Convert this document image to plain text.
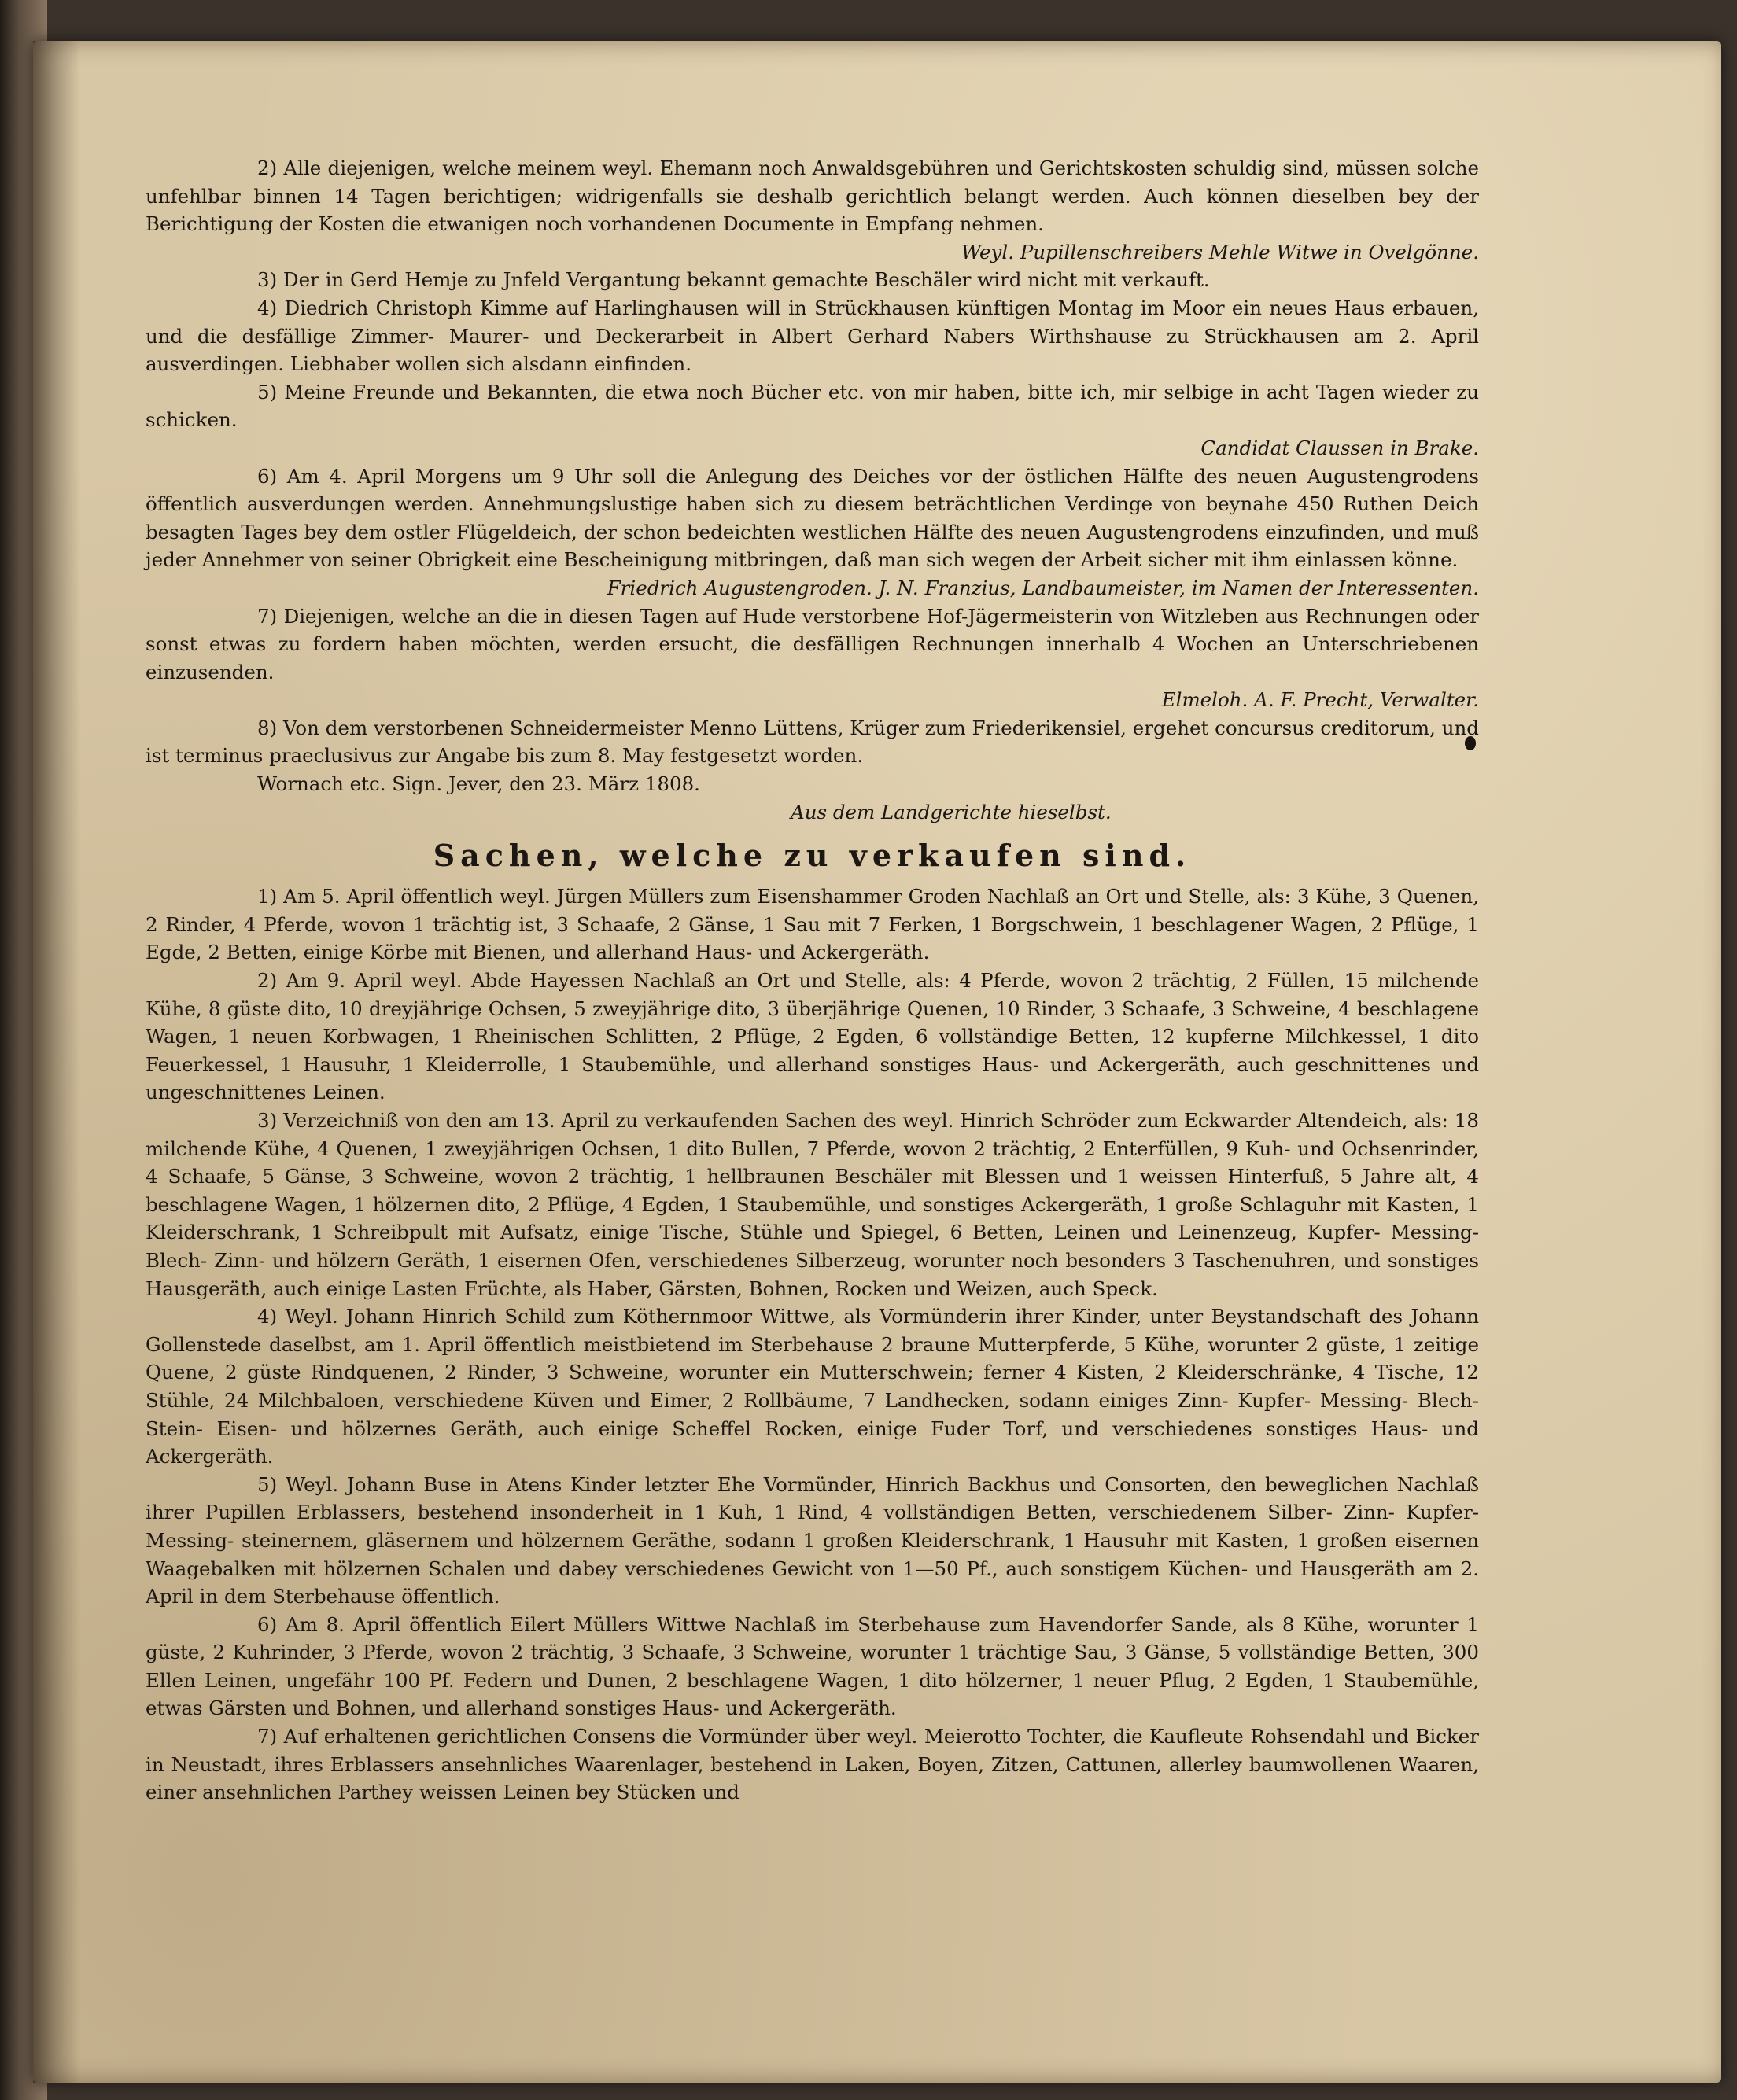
2) Alle diejenigen, welche meinem weyl. Ehemann noch Anwaldsgebühren und Gerichtskosten schuldig sind, müssen solche unfehlbar binnen 14 Tagen berichtigen; widrigenfalls sie deshalb gerichtlich belangt werden. Auch können dieselben bey der Berichtigung der Kosten die etwanigen noch vorhandenen Documente in Empfang nehmen.
Weyl. Pupillenschreibers Mehle Witwe in Ovelgönne.

3) Der in Gerd Hemje zu Jnfeld Vergantung bekannt gemachte Beschäler wird nicht mit verkauft.

4) Diedrich Christoph Kimme auf Harlinghausen will in Strückhausen künftigen Montag im Moor ein neues Haus erbauen, und die desfällige Zimmer- Maurer- und Deckerarbeit in Albert Gerhard Nabers Wirthshause zu Strückhausen am 2. April ausverdingen. Liebhaber wollen sich alsdann einfinden.

5) Meine Freunde und Bekannten, die etwa noch Bücher etc. von mir haben, bitte ich, mir selbige in acht Tagen wieder zu schicken.
Candidat Claussen in Brake.

6) Am 4. April Morgens um 9 Uhr soll die Anlegung des Deiches vor der östlichen Hälfte des neuen Augustengrodens öffentlich ausverdungen werden. Annehmungslustige haben sich zu diesem beträchtlichen Verdinge von beynahe 450 Ruthen Deich besagten Tages bey dem ostler Flügeldeich, der schon bedeichten westlichen Hälfte des neuen Augustengrodens einzufinden, und muß jeder Annehmer von seiner Obrigkeit eine Bescheinigung mitbringen, daß man sich wegen der Arbeit sicher mit ihm einlassen könne.
Friedrich Augustengroden. J. N. Franzius, Landbaumeister, im Namen der Interessenten.

7) Diejenigen, welche an die in diesen Tagen auf Hude verstorbene Hof-Jägermeisterin von Witzleben aus Rechnungen oder sonst etwas zu fordern haben möchten, werden ersucht, die desfälligen Rechnungen innerhalb 4 Wochen an Unterschriebenen einzusenden.
Elmeloh. A. F. Precht, Verwalter.

8) Von dem verstorbenen Schneidermeister Menno Lüttens, Krüger zum Friederikensiel, ergehet concursus creditorum, und ist terminus praeclusivus zur Angabe bis zum 8. May festgesetzt worden.

Wornach etc. Sign. Jever, den 23. März 1808.

Aus dem Landgerichte hieselbst.

Sachen, welche zu verkaufen sind.

1) Am 5. April öffentlich weyl. Jürgen Müllers zum Eisenshammer Groden Nachlaß an Ort und Stelle, als: 3 Kühe, 3 Quenen, 2 Rinder, 4 Pferde, wovon 1 trächtig ist, 3 Schaafe, 2 Gänse, 1 Sau mit 7 Ferken, 1 Borgschwein, 1 beschlagener Wagen, 2 Pflüge, 1 Egde, 2 Betten, einige Körbe mit Bienen, und allerhand Haus- und Ackergeräth.

2) Am 9. April weyl. Abde Hayessen Nachlaß an Ort und Stelle, als: 4 Pferde, wovon 2 trächtig, 2 Füllen, 15 milchende Kühe, 8 güste dito, 10 dreyjährige Ochsen, 5 zweyjährige dito, 3 überjährige Quenen, 10 Rinder, 3 Schaafe, 3 Schweine, 4 beschlagene Wagen, 1 neuen Korbwagen, 1 Rheinischen Schlitten, 2 Pflüge, 2 Egden, 6 vollständige Betten, 12 kupferne Milchkessel, 1 dito Feuerkessel, 1 Hausuhr, 1 Kleiderrolle, 1 Staubemühle, und allerhand sonstiges Haus- und Ackergeräth, auch geschnittenes und ungeschnittenes Leinen.

3) Verzeichniß von den am 13. April zu verkaufenden Sachen des weyl. Hinrich Schröder zum Eckwarder Altendeich, als: 18 milchende Kühe, 4 Quenen, 1 zweyjährigen Ochsen, 1 dito Bullen, 7 Pferde, wovon 2 trächtig, 2 Enterfüllen, 9 Kuh- und Ochsenrinder, 4 Schaafe, 5 Gänse, 3 Schweine, wovon 2 trächtig, 1 hellbraunen Beschäler mit Blessen und 1 weissen Hinterfuß, 5 Jahre alt, 4 beschlagene Wagen, 1 hölzernen dito, 2 Pflüge, 4 Egden, 1 Staubemühle, und sonstiges Ackergeräth, 1 große Schlaguhr mit Kasten, 1 Kleiderschrank, 1 Schreibpult mit Aufsatz, einige Tische, Stühle und Spiegel, 6 Betten, Leinen und Leinenzeug, Kupfer- Messing- Blech- Zinn- und hölzern Geräth, 1 eisernen Ofen, verschiedenes Silberzeug, worunter noch besonders 3 Taschenuhren, und sonstiges Hausgeräth, auch einige Lasten Früchte, als Haber, Gärsten, Bohnen, Rocken und Weizen, auch Speck.

4) Weyl. Johann Hinrich Schild zum Köthernmoor Wittwe, als Vormünderin ihrer Kinder, unter Beystandschaft des Johann Gollenstede daselbst, am 1. April öffentlich meistbietend im Sterbehause 2 braune Mutterpferde, 5 Kühe, worunter 2 güste, 1 zeitige Quene, 2 güste Rindquenen, 2 Rinder, 3 Schweine, worunter ein Mutterschwein; ferner 4 Kisten, 2 Kleiderschränke, 4 Tische, 12 Stühle, 24 Milchbaloen, verschiedene Küven und Eimer, 2 Rollbäume, 7 Landhecken, sodann einiges Zinn- Kupfer- Messing- Blech- Stein- Eisen- und hölzernes Geräth, auch einige Scheffel Rocken, einige Fuder Torf, und verschiedenes sonstiges Haus- und Ackergeräth.

5) Weyl. Johann Buse in Atens Kinder letzter Ehe Vormünder, Hinrich Backhus und Consorten, den beweglichen Nachlaß ihrer Pupillen Erblassers, bestehend insonderheit in 1 Kuh, 1 Rind, 4 vollständigen Betten, verschiedenem Silber- Zinn- Kupfer- Messing- steinernem, gläsernem und hölzernem Geräthe, sodann 1 großen Kleiderschrank, 1 Hausuhr mit Kasten, 1 großen eisernen Waagebalken mit hölzernen Schalen und dabey verschiedenes Gewicht von 1—50 Pf., auch sonstigem Küchen- und Hausgeräth am 2. April in dem Sterbehause öffentlich.

6) Am 8. April öffentlich Eilert Müllers Wittwe Nachlaß im Sterbehause zum Havendorfer Sande, als 8 Kühe, worunter 1 güste, 2 Kuhrinder, 3 Pferde, wovon 2 trächtig, 3 Schaafe, 3 Schweine, worunter 1 trächtige Sau, 3 Gänse, 5 vollständige Betten, 300 Ellen Leinen, ungefähr 100 Pf. Federn und Dunen, 2 beschlagene Wagen, 1 dito hölzerner, 1 neuer Pflug, 2 Egden, 1 Staubemühle, etwas Gärsten und Bohnen, und allerhand sonstiges Haus- und Ackergeräth.

7) Auf erhaltenen gerichtlichen Consens die Vormünder über weyl. Meierotto Tochter, die Kaufleute Rohsendahl und Bicker in Neustadt, ihres Erblassers ansehnliches Waarenlager, bestehend in Laken, Boyen, Zitzen, Cattunen, allerley baumwollenen Waaren, einer ansehnlichen Parthey weissen Leinen bey Stücken und
